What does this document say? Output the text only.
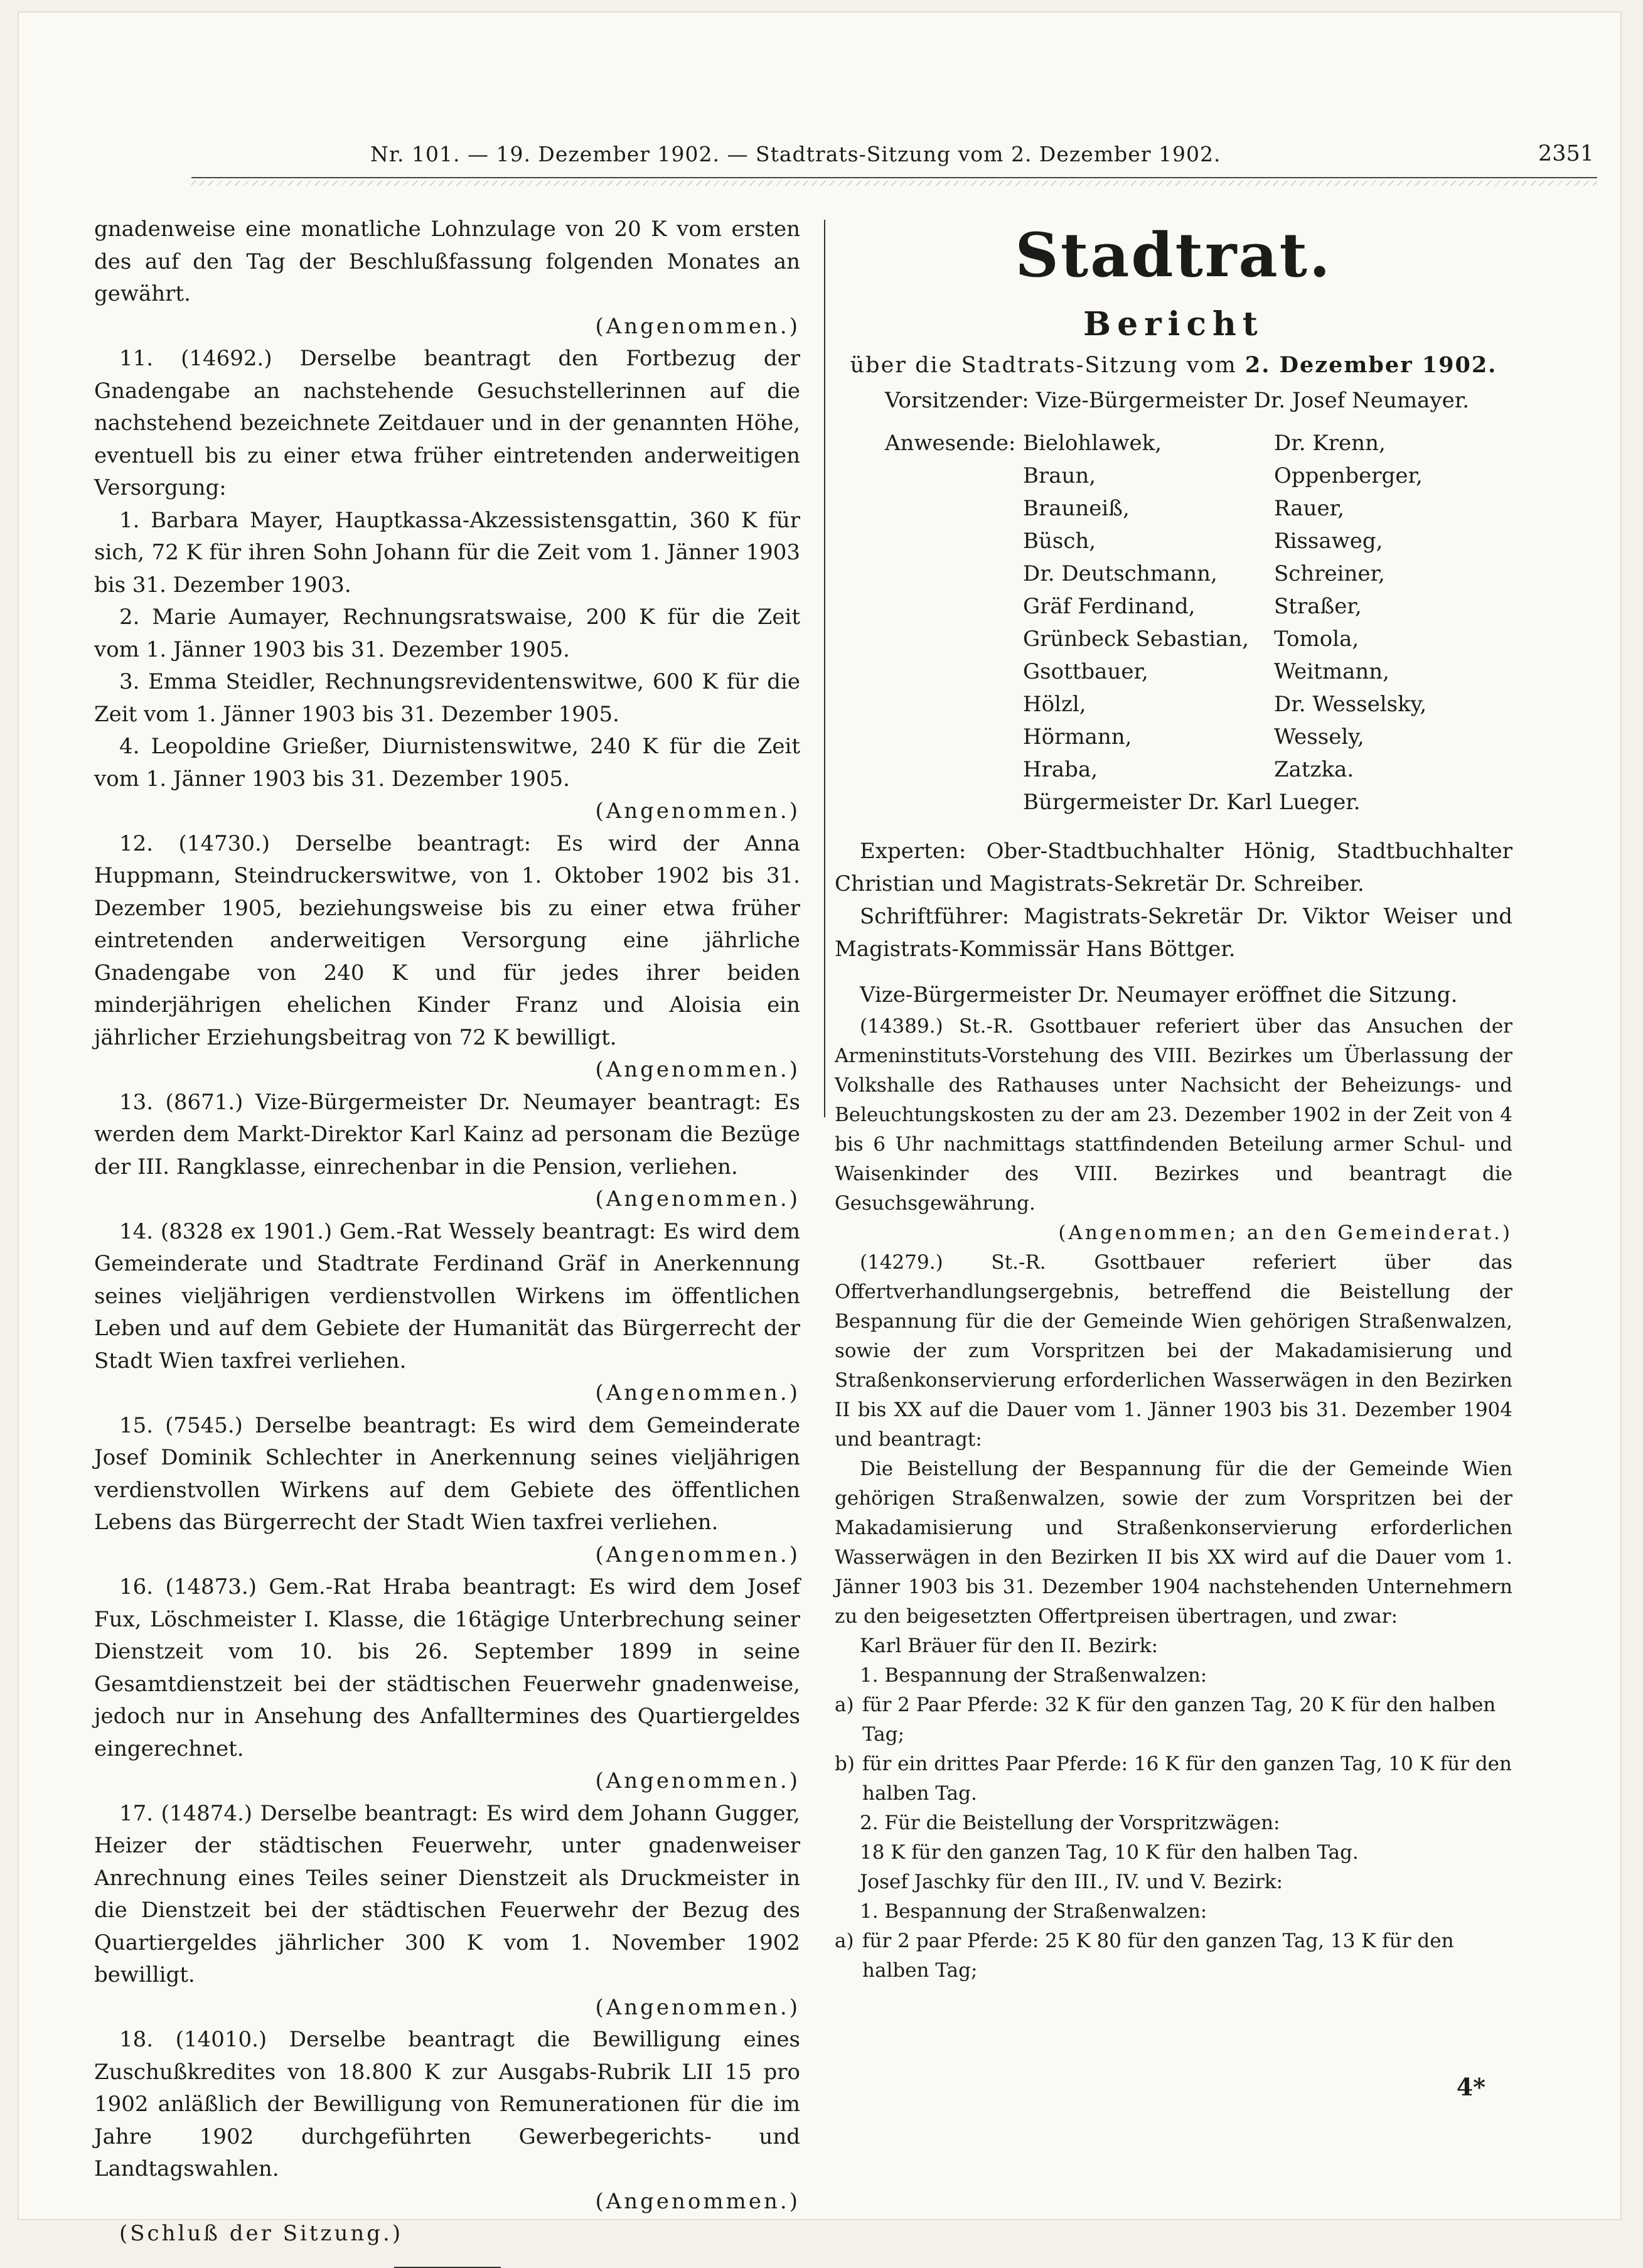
Nr. 101. — 19. Dezember 1902. — Stadtrats-Sitzung vom 2. Dezember 1902.	2351

gnadenweise eine monatliche Lohnzulage von 20 K vom ersten des auf den Tag der Beschlußfassung folgenden Monates an gewährt.

(Angenommen.)

11. (14692.) Derselbe beantragt den Fortbezug der Gnadengabe an nachstehende Gesuchstellerinnen auf die nachstehend bezeichnete Zeitdauer und in der genannten Höhe, eventuell bis zu einer etwa früher eintretenden anderweitigen Versorgung:

1. Barbara Mayer, Hauptkassa-Akzessistensgattin, 360 K für sich, 72 K für ihren Sohn Johann für die Zeit vom 1. Jänner 1903 bis 31. Dezember 1903.

2. Marie Aumayer, Rechnungsratswaise, 200 K für die Zeit vom 1. Jänner 1903 bis 31. Dezember 1905.

3. Emma Steidler, Rechnungsrevidentenswitwe, 600 K für die Zeit vom 1. Jänner 1903 bis 31. Dezember 1905.

4. Leopoldine Grießer, Diurnistenswitwe, 240 K für die Zeit vom 1. Jänner 1903 bis 31. Dezember 1905.

(Angenommen.)

12. (14730.) Derselbe beantragt: Es wird der Anna Huppmann, Steindruckerswitwe, von 1. Oktober 1902 bis 31. Dezember 1905, beziehungsweise bis zu einer etwa früher eintretenden anderweitigen Versorgung eine jährliche Gnadengabe von 240 K und für jedes ihrer beiden minderjährigen ehelichen Kinder Franz und Aloisia ein jährlicher Erziehungsbeitrag von 72 K bewilligt.

(Angenommen.)

13. (8671.) Vize-Bürgermeister Dr. Neumayer beantragt: Es werden dem Markt-Direktor Karl Kainz ad personam die Bezüge der III. Rangklasse, einrechenbar in die Pension, verliehen.

(Angenommen.)

14. (8328 ex 1901.) Gem.-Rat Wessely beantragt: Es wird dem Gemeinderate und Stadtrate Ferdinand Gräf in Anerkennung seines vieljährigen verdienstvollen Wirkens im öffentlichen Leben und auf dem Gebiete der Humanität das Bürgerrecht der Stadt Wien taxfrei verliehen.

(Angenommen.)

15. (7545.) Derselbe beantragt: Es wird dem Gemeinderate Josef Dominik Schlechter in Anerkennung seines vieljährigen verdienstvollen Wirkens auf dem Gebiete des öffentlichen Lebens das Bürgerrecht der Stadt Wien taxfrei verliehen.

(Angenommen.)

16. (14873.) Gem.-Rat Hraba beantragt: Es wird dem Josef Fux, Löschmeister I. Klasse, die 16tägige Unterbrechung seiner Dienstzeit vom 10. bis 26. September 1899 in seine Gesamtdienstzeit bei der städtischen Feuerwehr gnadenweise, jedoch nur in Ansehung des Anfalltermines des Quartiergeldes eingerechnet.

(Angenommen.)

17. (14874.) Derselbe beantragt: Es wird dem Johann Gugger, Heizer der städtischen Feuerwehr, unter gnadenweiser Anrechnung eines Teiles seiner Dienstzeit als Druckmeister in die Dienstzeit bei der städtischen Feuerwehr der Bezug des Quartiergeldes jährlicher 300 K vom 1. November 1902 bewilligt.

(Angenommen.)

18. (14010.) Derselbe beantragt die Bewilligung eines Zuschußkredites von 18.800 K zur Ausgabs-Rubrik LII 15 pro 1902 anläßlich der Bewilligung von Remunerationen für die im Jahre 1902 durchgeführten Gewerbegerichts- und Landtagswahlen.

(Angenommen.)

(Schluß der Sitzung.)

Stadtrat.
Bericht
über die Stadtrats-Sitzung vom 2. Dezember 1902.
Vorsitzender: Vize-Bürgermeister Dr. Josef Neumayer.
Anwesende: Bielohlawek,
Braun,
Brauneiß,
Büsch,
Dr. Deutschmann,
Gräf Ferdinand,
Grünbeck Sebastian,
Gsottbauer,
Hölzl,
Hörmann,
Hraba,
Bürgermeister Dr. Karl Lueger.
Dr. Krenn,
Oppenberger,
Rauer,
Rissaweg,
Schreiner,
Straßer,
Tomola,
Weitmann,
Dr. Wesselsky,
Wessely,
Zatzka.

Experten: Ober-Stadtbuchhalter Hönig, Stadtbuchhalter Christian und Magistrats-Sekretär Dr. Schreiber.

Schriftführer: Magistrats-Sekretär Dr. Viktor Weiser und Magistrats-Kommissär Hans Böttger.

Vize-Bürgermeister Dr. Neumayer eröffnet die Sitzung.

(14389.) St.-R. Gsottbauer referiert über das Ansuchen der Armeninstituts-Vorstehung des VIII. Bezirkes um Überlassung der Volkshalle des Rathauses unter Nachsicht der Beheizungs- und Beleuchtungskosten zu der am 23. Dezember 1902 in der Zeit von 4 bis 6 Uhr nachmittags stattfindenden Beteilung armer Schul- und Waisenkinder des VIII. Bezirkes und beantragt die Gesuchsgewährung.

(Angenommen; an den Gemeinderat.)

(14279.) St.-R. Gsottbauer referiert über das Offertverhandlungsergebnis, betreffend die Beistellung der Bespannung für die der Gemeinde Wien gehörigen Straßenwalzen, sowie der zum Vorspritzen bei der Makadamisierung und Straßenkonservierung erforderlichen Wasserwägen in den Bezirken II bis XX auf die Dauer vom 1. Jänner 1903 bis 31. Dezember 1904 und beantragt:

Die Beistellung der Bespannung für die der Gemeinde Wien gehörigen Straßenwalzen, sowie der zum Vorspritzen bei der Makadamisierung und Straßenkonservierung erforderlichen Wasserwägen in den Bezirken II bis XX wird auf die Dauer vom 1. Jänner 1903 bis 31. Dezember 1904 nachstehenden Unternehmern zu den beigesetzten Offertpreisen übertragen, und zwar:

Karl Bräuer für den II. Bezirk:

1. Bespannung der Straßenwalzen:

a) für 2 Paar Pferde: 32 K für den ganzen Tag, 20 K für den halben Tag;
b) für ein drittes Paar Pferde: 16 K für den ganzen Tag, 10 K für den halben Tag.

2. Für die Beistellung der Vorspritzwägen:

18 K für den ganzen Tag, 10 K für den halben Tag.

Josef Jaschky für den III., IV. und V. Bezirk:

1. Bespannung der Straßenwalzen:

a) für 2 paar Pferde: 25 K 80 für den ganzen Tag, 13 K für den halben Tag;
4*
